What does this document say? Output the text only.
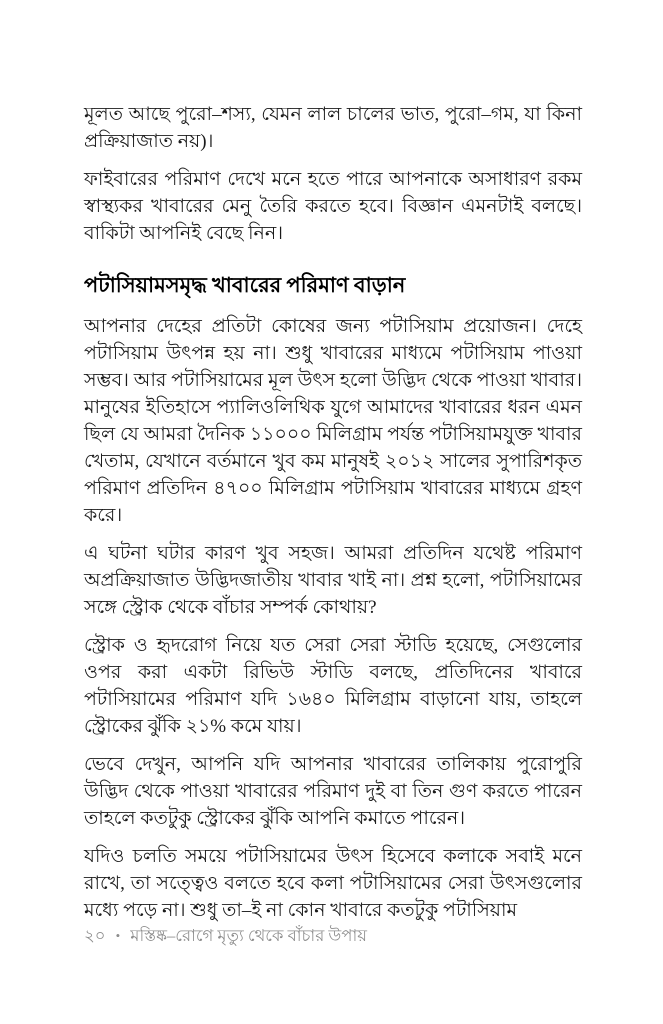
মূলত আছে পুরো–শস্য, যেমন লাল চালের ভাত, পুরো–গম, যা কিনা প্রক্রিয়াজাত নয়)।

ফাইবারের পরিমাণ দেখে মনে হতে পারে আপনাকে অসাধারণ রকম স্বাস্থ্যকর খাবারের মেনু তৈরি করতে হবে। বিজ্ঞান এমনটাই বলছে। বাকিটা আপনিই বেছে নিন।

পটাসিয়ামসমৃদ্ধ খাবারের পরিমাণ বাড়ান

আপনার দেহের প্রতিটা কোষের জন্য পটাসিয়াম প্রয়োজন। দেহে পটাসিয়াম উৎপন্ন হয় না। শুধু খাবারের মাধ্যমে পটাসিয়াম পাওয়া সম্ভব। আর পটাসিয়ামের মূল উৎস হলো উদ্ভিদ থেকে পাওয়া খাবার। মানুষের ইতিহাসে প্যালিওলিথিক যুগে আমাদের খাবারের ধরন এমন ছিল যে আমরা দৈনিক ১১০০০ মিলিগ্রাম পর্যন্ত পটাসিয়ামযুক্ত খাবার খেতাম, যেখানে বর্তমানে খুব কম মানুষই ২০১২ সালের সুপারিশকৃত পরিমাণ প্রতিদিন ৪৭০০ মিলিগ্রাম পটাসিয়াম খাবারের মাধ্যমে গ্রহণ করে।

এ ঘটনা ঘটার কারণ খুব সহজ। আমরা প্রতিদিন যথেষ্ট পরিমাণ অপ্রক্রিয়াজাত উদ্ভিদজাতীয় খাবার খাই না। প্রশ্ন হলো, পটাসিয়ামের সঙ্গে স্ট্রোক থেকে বাঁচার সম্পর্ক কোথায়?

স্ট্রোক ও হৃদরোগ নিয়ে যত সেরা সেরা স্টাডি হয়েছে, সেগুলোর ওপর করা একটা রিভিউ স্টাডি বলছে, প্রতিদিনের খাবারে পটাসিয়ামের পরিমাণ যদি ১৬৪০ মিলিগ্রাম বাড়ানো যায়, তাহলে স্ট্রোকের ঝুঁকি ২১% কমে যায়।

ভেবে দেখুন, আপনি যদি আপনার খাবারের তালিকায় পুরোপুরি উদ্ভিদ থেকে পাওয়া খাবারের পরিমাণ দুই বা তিন গুণ করতে পারেন তাহলে কতটুকু স্ট্রোকের ঝুঁকি আপনি কমাতে পারেন।

যদিও চলতি সময়ে পটাসিয়ামের উৎস হিসেবে কলাকে সবাই মনে রাখে, তা সত্ত্বেও বলতে হবে কলা পটাসিয়ামের সেরা উৎসগুলোর মধ্যে পড়ে না। শুধু তা–ই না কোন খাবারে কতটুকু পটাসিয়াম

২০ • মস্তিষ্ক–রোগে মৃত্যু থেকে বাঁচার উপায়
